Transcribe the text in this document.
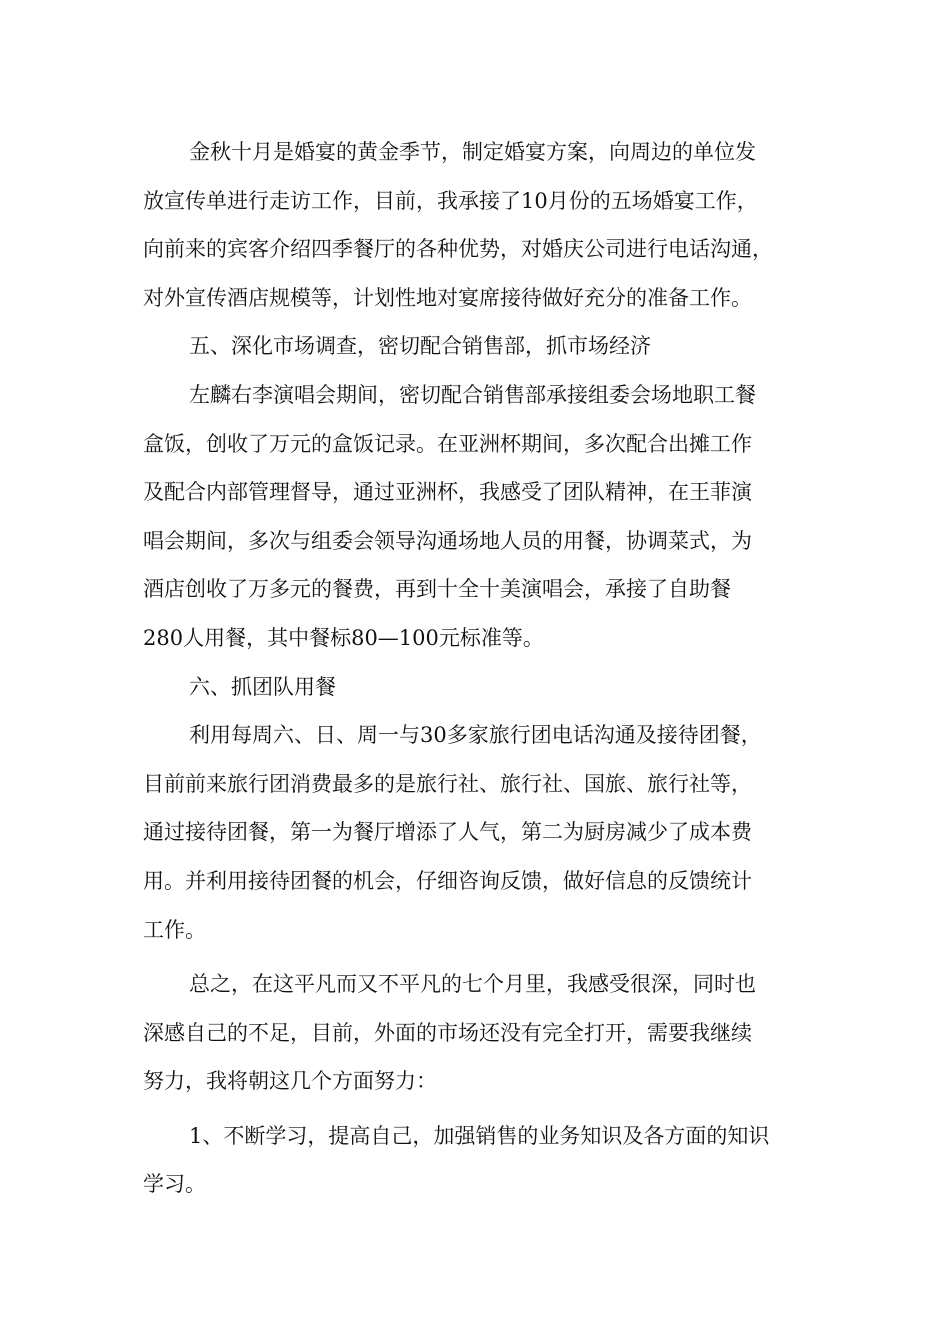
金秋十月是婚宴的黄金季节，制定婚宴方案，向周边的单位发
放宣传单进行走访工作，目前，我承接了10月份的五场婚宴工作，
向前来的宾客介绍四季餐厅的各种优势，对婚庆公司进行电话沟通，
对外宣传酒店规模等，计划性地对宴席接待做好充分的准备工作。
五、深化市场调查，密切配合销售部，抓市场经济
左麟右李演唱会期间，密切配合销售部承接组委会场地职工餐
盒饭，创收了万元的盒饭记录。在亚洲杯期间，多次配合出摊工作
及配合内部管理督导，通过亚洲杯，我感受了团队精神，在王菲演
唱会期间，多次与组委会领导沟通场地人员的用餐，协调菜式，为
酒店创收了万多元的餐费，再到十全十美演唱会，承接了自助餐
280人用餐，其中餐标80—100元标准等。
六、抓团队用餐
利用每周六、日、周一与30多家旅行团电话沟通及接待团餐，
目前前来旅行团消费最多的是旅行社、旅行社、国旅、旅行社等，
通过接待团餐，第一为餐厅增添了人气，第二为厨房减少了成本费
用。并利用接待团餐的机会，仔细咨询反馈，做好信息的反馈统计
工作。
总之，在这平凡而又不平凡的七个月里，我感受很深，同时也
深感自己的不足，目前，外面的市场还没有完全打开，需要我继续
努力，我将朝这几个方面努力：
1、不断学习，提高自己，加强销售的业务知识及各方面的知识
学习。
